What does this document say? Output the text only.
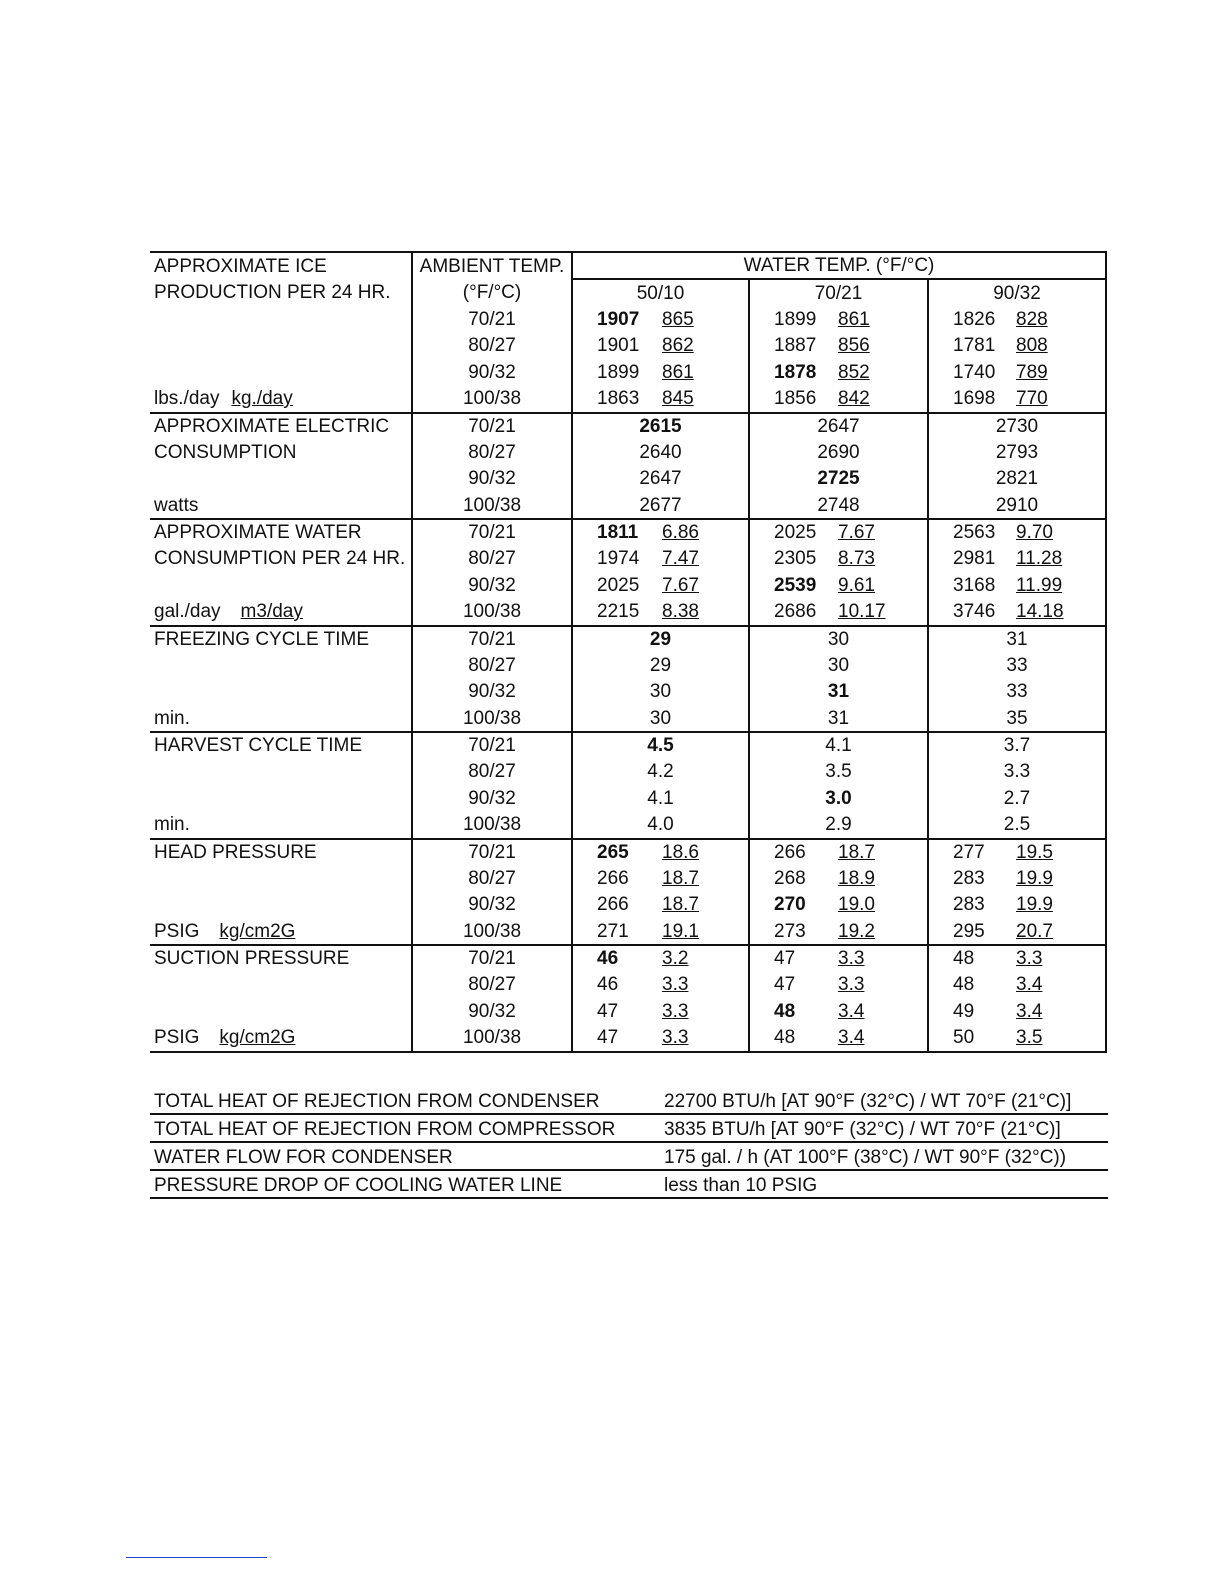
APPROXIMATE ICE	AMBIENT TEMP.	WATER TEMP. (°F/°C)					
PRODUCTION PER 24 HR.	(°F/°C)	50/10		70/21		90/32	
	70/21	1907	865	1899	861	1826	828
	80/27	1901	862	1887	856	1781	808
	90/32	1899	861	1878	852	1740	789
lbs./day kg./day	100/38	1863	845	1856	842	1698	770
APPROXIMATE ELECTRIC	70/21	2615		2647		2730	
CONSUMPTION	80/27	2640		2690		2793	
	90/32	2647		2725		2821	
watts	100/38	2677		2748		2910	
APPROXIMATE WATER	70/21	1811	6.86	2025	7.67	2563	9.70
CONSUMPTION PER 24 HR.	80/27	1974	7.47	2305	8.73	2981	11.28
	90/32	2025	7.67	2539	9.61	3168	11.99
gal./day m3/day	100/38	2215	8.38	2686	10.17	3746	14.18
FREEZING CYCLE TIME	70/21	29		30		31	
	80/27	29		30		33	
	90/32	30		31		33	
min.	100/38	30		31		35	
HARVEST CYCLE TIME	70/21	4.5		4.1		3.7	
	80/27	4.2		3.5		3.3	
	90/32	4.1		3.0		2.7	
min.	100/38	4.0		2.9		2.5	
HEAD PRESSURE	70/21	265	18.6	266	18.7	277	19.5
	80/27	266	18.7	268	18.9	283	19.9
	90/32	266	18.7	270	19.0	283	19.9
PSIG kg/cm2G	100/38	271	19.1	273	19.2	295	20.7
SUCTION PRESSURE	70/21	46	3.2	47	3.3	48	3.3
	80/27	46	3.3	47	3.3	48	3.4
	90/32	47	3.3	48	3.4	49	3.4
PSIG kg/cm2G	100/38	47	3.3	48	3.4	50	3.5
TOTAL HEAT OF REJECTION FROM CONDENSER	22700 BTU/h [AT 90°F (32°C) / WT 70°F (21°C)]
TOTAL HEAT OF REJECTION FROM COMPRESSOR	3835 BTU/h [AT 90°F (32°C) / WT 70°F (21°C)]
WATER FLOW FOR CONDENSER	175 gal. / h (AT 100°F (38°C) / WT 90°F (32°C))
PRESSURE DROP OF COOLING WATER LINE	less than 10 PSIG
